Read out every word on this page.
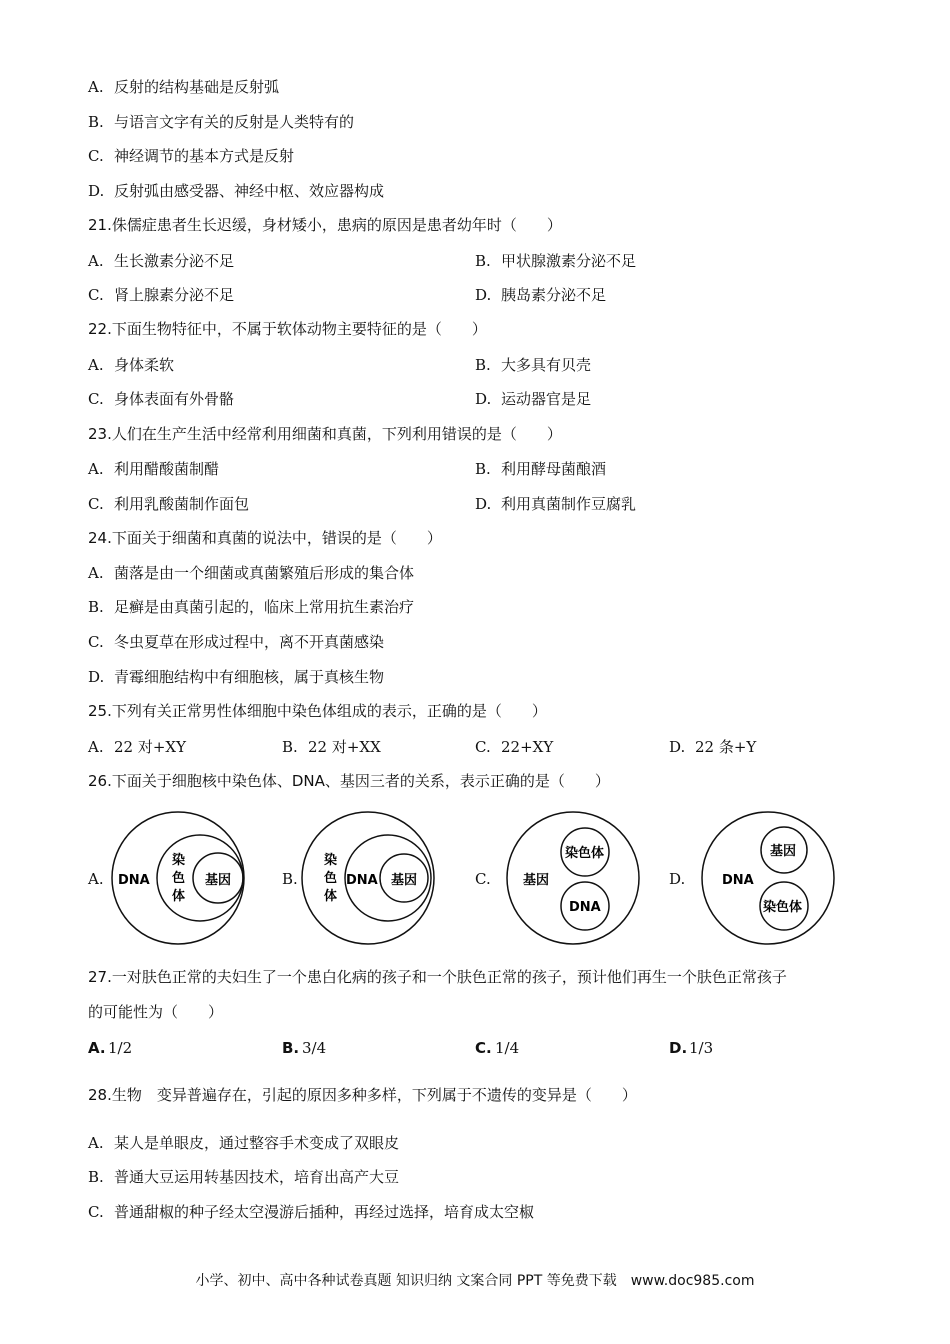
A. 反射的结构基础是反射弧
B. 与语言文字有关的反射是人类特有的
C. 神经调节的基本方式是反射
D. 反射弧由感受器、神经中枢、效应器构成
21.侏儒症患者生长迟缓，身材矮小，患病的原因是患者幼年时（　　）
A. 生长激素分泌不足	B. 甲状腺激素分泌不足
C. 肾上腺素分泌不足	D. 胰岛素分泌不足
22.下面生物特征中，不属于软体动物主要特征的是（　　）
A. 身体柔软	B. 大多具有贝壳
C. 身体表面有外骨骼	D. 运动器官是足
23.人们在生产生活中经常利用细菌和真菌，下列利用错误的是（　　）
A. 利用醋酸菌制醋	B. 利用酵母菌酿酒
C. 利用乳酸菌制作面包	D. 利用真菌制作豆腐乳
24.下面关于细菌和真菌的说法中，错误的是（　　）
A. 菌落是由一个细菌或真菌繁殖后形成的集合体
B. 足癣是由真菌引起的，临床上常用抗生素治疗
C. 冬虫夏草在形成过程中，离不开真菌感染
D. 青霉细胞结构中有细胞核，属于真核生物
25.下列有关正常男性体细胞中染色体组成的表示，正确的是（　　）
A. 22 对+XY	B. 22 对+XX	C. 22+XY	D. 22 条+Y
26.下面关于细胞核中染色体、DNA、基因三者的关系，表示正确的是（　　）
A.	B.	C.	D.
DNA
染
色
体
基因
染
色
体
DNA 基因	基因
染色体
DNA
DNA
基因
染色体
27.一对肤色正常的夫妇生了一个患白化病的孩子和一个肤色正常的孩子，预计他们再生一个肤色正常孩子
的可能性为（　　）
A. 1/2	B. 3/4	C. 1/4	D. 1/3
28.生物　变异普遍存在，引起的原因多种多样，下列属于不遗传的变异是（　　）
A. 某人是单眼皮，通过整容手术变成了双眼皮
B. 普通大豆运用转基因技术，培育出高产大豆
C. 普通甜椒的种子经太空漫游后插种，再经过选择，培育成太空椒
小学、初中、高中各种试卷真题 知识归纳 文案合同 PPT 等免费下载　www.doc985.com
